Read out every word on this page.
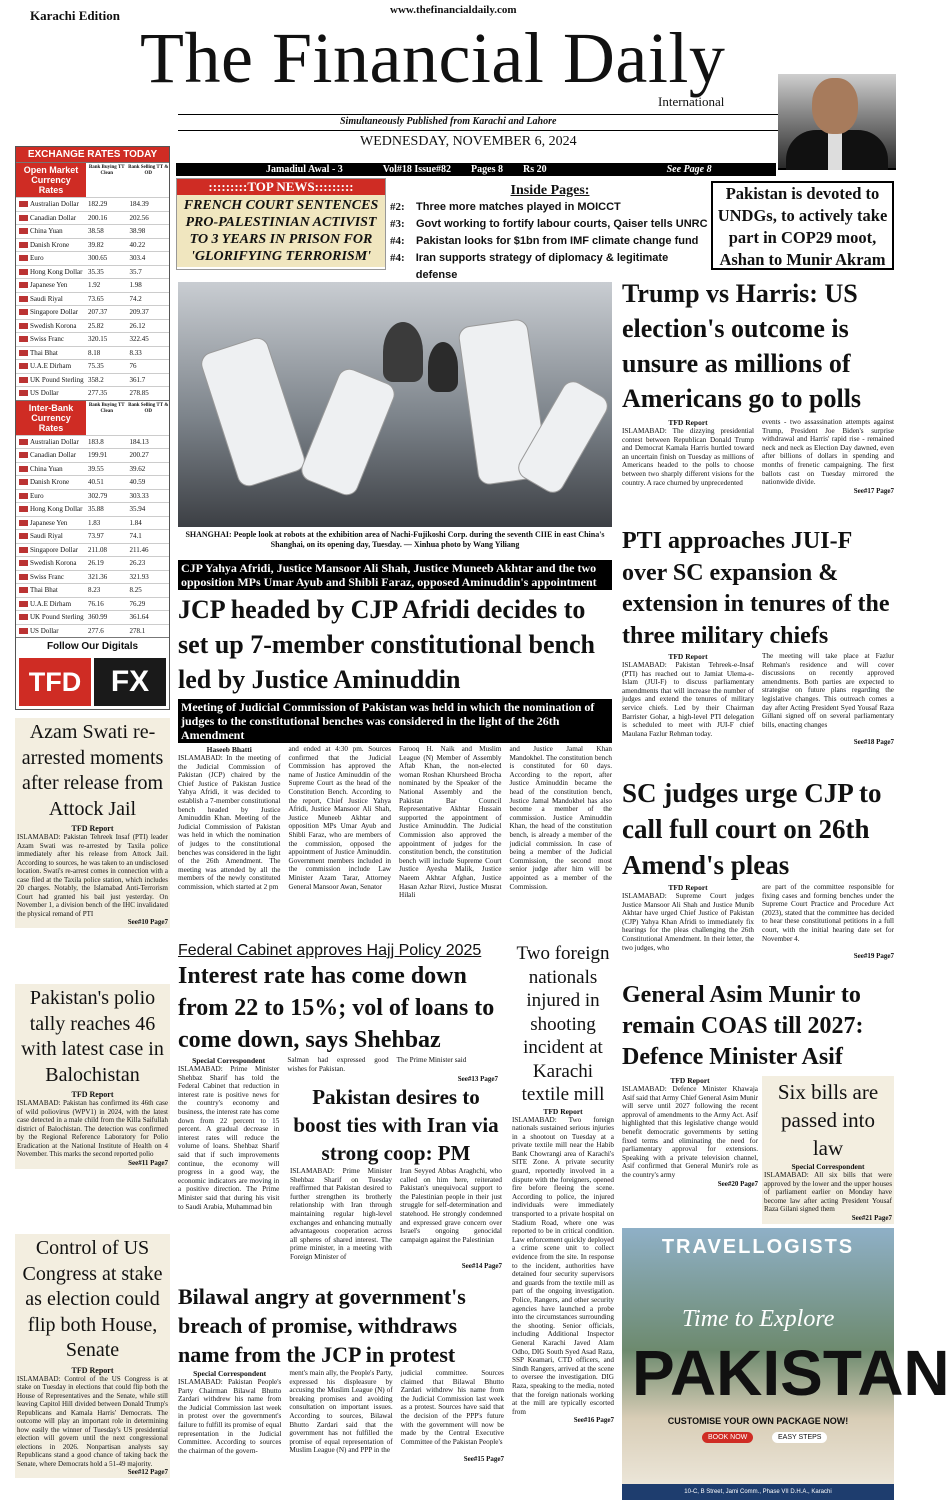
Karachi Edition	www.thefinancialdaily.com
The Financial Daily
International
Simultaneously Published from Karachi and Lahore
WEDNESDAY, NOVEMBER 6, 2024
Jamadiul Awal - 3	Vol#18 Issue#82	Pages 8	Rs 20	See Page 8
EXCHANGE RATES TODAY
Open Market Currency Rates
Bank Buying TT Clean
Bank Selling TT & OD
Australian Dollar	182.29	184.39
Canadian Dollar	200.16	202.56
China Yuan	38.58	38.98
Danish Krone	39.82	40.22
Euro	300.65	303.4
Hong Kong Dollar 35.35	35.7
Japanese Yen	1.92	1.98
Saudi Riyal	73.65	74.2
Singapore Dollar	207.37	209.37
Swedish Korona	25.82	26.12
Swiss Franc	320.15	322.45
Thai Bhat	8.18	8.33
U.A.E Dirham	75.35	76
UK Pound Sterling 358.2	361.7
US Dollar	277.35	278.85
Inter-Bank Currency Rates
Bank Buying TT Clean
Bank Selling TT & OD
Australian Dollar	183.8	184.13
Canadian Dollar	199.91	200.27
China Yuan	39.55	39.62
Danish Krone	40.51	40.59
Euro	302.79	303.33
Hong Kong Dollar 35.88	35.94
Japanese Yen	1.83	1.84
Saudi Riyal	73.97	74.1
Singapore Dollar	211.08	211.46
Swedish Korona	26.19	26.23
Swiss Franc	321.36	321.93
Thai Bhat	8.23	8.25
U.A.E Dirham	76.16	76.29
UK Pound Sterling 360.99	361.64
US Dollar	277.6	278.1
Follow Our Digitals
TFD FX
Azam Swati re-arrested moments after release from Attock Jail
TFD Report
ISLAMABAD: Pakistan Tehreek Insaf (PTI) leader Azam Swati was re-arrested by Taxila police immediately after his release from Attock Jail. According to sources, he was taken to an undisclosed location. Swati's re-arrest comes in connection with a case filed at the Taxila police station, which includes 20 charges. Notably, the Islamabad Anti-Terrorism Court had granted his bail just yesterday. On November 1, a division bench of the IHC invalidated the physical remand of PTI
See#10 Page7
Pakistan's polio tally reaches 46 with latest case in Balochistan
TFD Report
ISLAMABAD: Pakistan has confirmed its 46th case of wild poliovirus (WPV1) in 2024, with the latest case detected in a male child from the Killa Saifullah district of Balochistan. The detection was confirmed by the Regional Reference Laboratory for Polio Eradication at the National Institute of Health on 4 November. This marks the second reported polio
See#11 Page7
Control of US Congress at stake as election could flip both House, Senate
TFD Report
ISLAMABAD: Control of the US Congress is at stake on Tuesday in elections that could flip both the House of Representatives and the Senate, while still leaving Capitol Hill divided between Donald Trump's Republicans and Kamala Harris' Democrats. The outcome will play an important role in determining how easily the winner of Tuesday's US presidential election will govern until the next congressional elections in 2026. Nonpartisan analysts say Republicans stand a good chance of taking back the Senate, where Democrats hold a 51-49 majority.
See#12 Page7
:::::::::TOP NEWS:::::::::
FRENCH COURT SENTENCES PRO-PALESTINIAN ACTIVIST TO 3 YEARS IN PRISON FOR 'GLORIFYING TERRORISM'
Inside Pages:
#2:	Three more matches played in MOICCT
#3:	Govt working to fortify labour courts, Qaiser tells UNRC
#4:	Pakistan looks for $1bn from IMF climate change fund
#4:	Iran supports strategy of diplomacy & legitimate defense
Pakistan is devoted to UNDGs, to actively take part in COP29 moot, Ashan to Munir Akram
SHANGHAI: People look at robots at the exhibition area of Nachi-Fujikoshi Corp. during the seventh CIIE in east China's Shanghai, on its opening day, Tuesday. — Xinhua photo by Wang Yiliang
CJP Yahya Afridi, Justice Mansoor Ali Shah, Justice Muneeb Akhtar and the two opposition MPs Umar Ayub and Shibli Faraz, opposed Aminuddin's appointment
JCP headed by CJP Afridi decides to set up 7-member constitutional bench led by Justice Aminuddin
Meeting of Judicial Commission of Pakistan was held in which the nomination of judges to the constitutional benches was considered in the light of the 26th Amendment
Haseeb Bhatti
ISLAMABAD: In the meeting of the Judicial Commission of Pakistan (JCP) chaired by the Chief Justice of Pakistan Justice Yahya Afridi, it was decided to establish a 7-member constitutional bench headed by Justice Aminuddin Khan. Meeting of the Judicial Commission of Pakistan was held in which the nomination of judges to the constitutional benches was considered in the light of the 26th Amendment. The meeting was attended by all the members of the newly constituted commission, which started at 2 pm
and ended at 4:30 pm. Sources confirmed that the Judicial Commission has approved the name of Justice Aminuddin of the Supreme Court as the head of the Constitution Bench. According to the report, Chief Justice Yahya Afridi, Justice Mansoor Ali Shah, Justice Muneeb Akhtar and opposition MPs Umar Ayub and Shibli Faraz, who are members of the commission, opposed the appointment of Justice Aminuddin. Government members included in the commission include Law Minister Azam Tarar, Attorney General Mansoor Awan, Senator
Farooq H. Naik and Muslim League (N) Member of Assembly Aftab Khan, the non-elected woman Roshan Khursheed Brocha nominated by the Speaker of the National Assembly and the Pakistan Bar Council Representative Akhtar Hussain supported the appointment of Justice Aminuddin. The Judicial Commission also approved the appointment of judges for the constitution bench, the constitution bench will include Supreme Court Justice Ayesha Malik, Justice Naeem Akhtar Afghan, Justice Hasan Azhar Rizvi, Justice Musrat Hilali
and Justice Jamal Khan Mandokhel. The constitution bench is constituted for 60 days. According to the report, after Justice Aminuddin became the head of the constitution bench, Justice Jamal Mandokhel has also become a member of the commission. Justice Aminuddin Khan, the head of the constitution bench, is already a member of the judicial commission. In case of being a member of the Judicial Commission, the second most senior judge after him will be appointed as a member of the Commission.
Federal Cabinet approves Hajj Policy 2025
Interest rate has come down from 22 to 15%; vol of loans to come down, says Shehbaz
Special Correspondent
ISLAMABAD: Prime Minister Shehbaz Sharif has told the Federal Cabinet that reduction in interest rate is positive news for the country's economy and business, the interest rate has come down from 22 percent to 15 percent. A gradual decrease in interest rates will reduce the volume of loans. Shehbaz Sharif said that if such improvements continue, the economy will progress in a good way, the economic indicators are moving in a positive direction. The Prime Minister said that during his visit to Saudi Arabia, Muhammad bin
Salman had expressed good wishes for Pakistan.
The Prime Minister said
See#13 Page7
Pakistan desires to boost ties with Iran via strong coop: PM
ISLAMABAD: Prime Minister Shehbaz Sharif on Tuesday reaffirmed that Pakistan desired to further strengthen its brotherly relationship with Iran through maintaining regular high-level exchanges and enhancing mutually advantageous cooperation across all spheres of shared interest. The prime minister, in a meeting with Foreign Minister of
Iran Seyyed Abbas Araghchi, who called on him here, reiterated Pakistan's unequivocal support to the Palestinian people in their just struggle for self-determination and statehood. He strongly condemned and expressed grave concern over Israel's ongoing genocidal campaign against the Palestinian
See#14 Page7
Bilawal angry at government's breach of promise, withdraws name from the JCP in protest
Special Correspondent
ISLAMABAD: Pakistan People's Party Chairman Bilawal Bhutto Zardari withdrew his name from the Judicial Commission last week in protest over the government's failure to fulfill its promise of equal representation in the Judicial Committee. According to sources the chairman of the govern-
ment's main ally, the People's Party, expressed his displeasure by accusing the Muslim League (N) of breaking promises and avoiding consultation on important issues. According to sources, Bilawal Bhutto Zardari said that the government has not fulfilled the promise of equal representation of Muslim League (N) and PPP in the
judicial committee. Sources claimed that Bilawal Bhutto Zardari withdrew his name from the Judicial Commission last week as a protest. Sources have said that the decision of the PPP's future with the government will now be made by the Central Executive Committee of the Pakistan People's
See#15 Page7
Two foreign nationals injured in shooting incident at Karachi textile mill
TFD Report
ISLAMABAD: Two foreign nationals sustained serious injuries in a shootout on Tuesday at a private textile mill near the Habib Bank Chowrangi area of Karachi's SITE Zone. A private security guard, reportedly involved in a dispute with the foreigners, opened fire before fleeing the scene. According to police, the injured individuals were immediately transported to a private hospital on Stadium Road, where one was reported to be in critical condition. Law enforcement quickly deployed a crime scene unit to collect evidence from the site. In response to the incident, authorities have detained four security supervisors and guards from the textile mill as part of the ongoing investigation. Police, Rangers, and other security agencies have launched a probe into the circumstances surrounding the shooting. Senior officials, including Additional Inspector General Karachi Javed Alam Odho, DIG South Syed Asad Raza, SSP Keamari, CTD officers, and Sindh Rangers, arrived at the scene to oversee the investigation. DIG Raza, speaking to the media, noted that the foreign nationals working at the mill are typically escorted from
See#16 Page7
Trump vs Harris: US election's outcome is unsure as millions of Americans go to polls
TFD Report
ISLAMABAD: The dizzying presidential contest between Republican Donald Trump and Democrat Kamala Harris hurtled toward an uncertain finish on Tuesday as millions of Americans headed to the polls to choose between two sharply different visions for the country. A race churned by unprecedented
events - two assassination attempts against Trump, President Joe Biden's surprise withdrawal and Harris' rapid rise - remained neck and neck as Election Day dawned, even after billions of dollars in spending and months of frenetic campaigning. The first ballots cast on Tuesday mirrored the nationwide divide.
See#17 Page7
PTI approaches JUI-F over SC expansion & extension in tenures of the three military chiefs
TFD Report
ISLAMABAD: Pakistan Tehreek-e-Insaf (PTI) has reached out to Jamiat Ulema-e-Islam (JUI-F) to discuss parliamentary amendments that will increase the number of judges and extend the tenures of military service chiefs. Led by their Chairman Barrister Gohar, a high-level PTI delegation is scheduled to meet with JUI-F chief Maulana Fazlur Rehman today.
The meeting will take place at Fazlur Rehman's residence and will cover discussions on recently approved amendments. Both parties are expected to strategise on future plans regarding the legislative changes. This outreach comes a day after Acting President Syed Yousaf Raza Gillani signed off on several parliamentary bills, enacting changes
See#18 Page7
SC judges urge CJP to call full court on 26th Amend's pleas
TFD Report
ISLAMABAD: Supreme Court judges Justice Mansoor Ali Shah and Justice Munib Akhtar have urged Chief Justice of Pakistan (CJP) Yahya Khan Afridi to immediately fix hearings for the pleas challenging the 26th Constitutional Amendment. In their letter, the two judges, who
are part of the committee responsible for fixing cases and forming benches under the Supreme Court Practice and Procedure Act (2023), stated that the committee has decided to hear these constitutional petitions in a full court, with the initial hearing date set for November 4.
See#19 Page7
General Asim Munir to remain COAS till 2027: Defence Minister Asif
TFD Report
ISLAMABAD: Defence Minister Khawaja Asif said that Army Chief General Asim Munir will serve until 2027 following the recent approval of amendments to the Army Act. Asif highlighted that this legislative change would benefit democratic governments by setting fixed terms and eliminating the need for parliamentary approval for extensions. Speaking with a private television channel, Asif confirmed that General Munir's role as the country's army
See#20 Page7
Six bills are passed into law
Special Correspondent
ISLAMABAD: All six bills that were approved by the lower and the upper houses of parliament earlier on Monday have become law after acting President Yousaf Raza Gilani signed them
See#21 Page7
TRAVELLOGISTS
Time to Explore
PAKISTAN
CUSTOMISE YOUR OWN PACKAGE NOW!
BOOK NOW	EASY STEPS
10-C, B Street, Jami Comm., Phase VII D.H.A., Karachi
